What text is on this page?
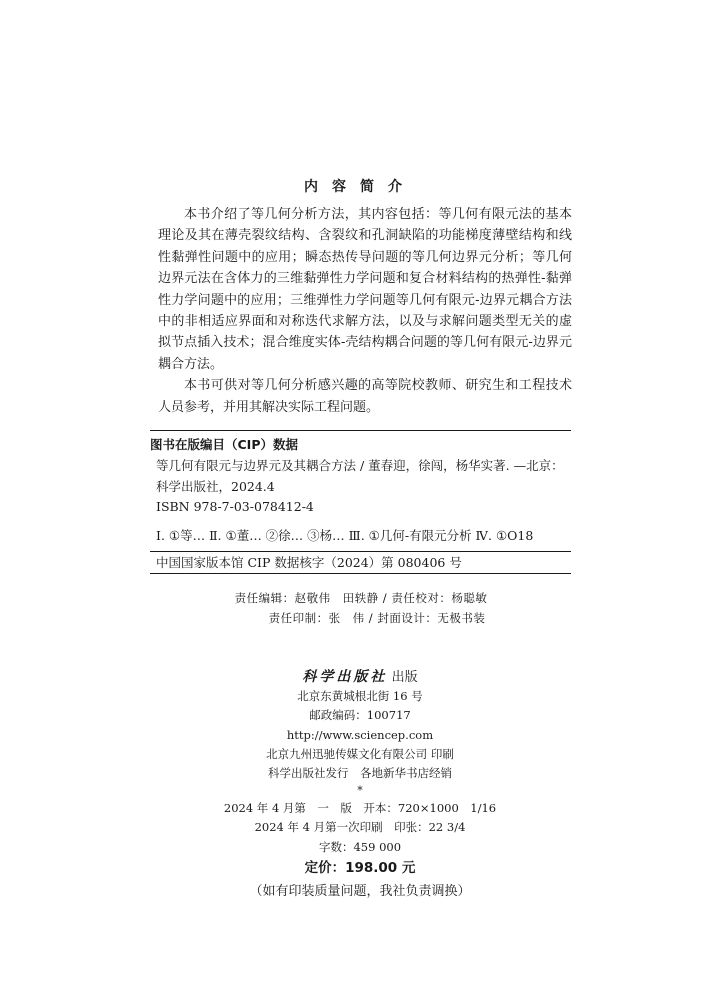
内容简介

本书介绍了等几何分析方法，其内容包括：等几何有限元法的基本理论及其在薄壳裂纹结构、含裂纹和孔洞缺陷的功能梯度薄壁结构和线性黏弹性问题中的应用；瞬态热传导问题的等几何边界元分析；等几何边界元法在含体力的三维黏弹性力学问题和复合材料结构的热弹性-黏弹性力学问题中的应用；三维弹性力学问题等几何有限元-边界元耦合方法中的非相适应界面和对称迭代求解方法，以及与求解问题类型无关的虚拟节点插入技术；混合维度实体-壳结构耦合问题的等几何有限元-边界元耦合方法。

本书可供对等几何分析感兴趣的高等院校教师、研究生和工程技术人员参考，并用其解决实际工程问题。

图书在版编目（CIP）数据

等几何有限元与边界元及其耦合方法 / 董春迎，徐闯，杨华实著. —北京：科学出版社，2024.4

ISBN 978-7-03-078412-4

Ⅰ. ①等… Ⅱ. ①董… ②徐… ③杨… Ⅲ. ①几何-有限元分析 Ⅳ. ①O18

中国国家版本馆 CIP 数据核字（2024）第 080406 号
责任编辑：赵敬伟　田轶静 / 责任校对：杨聪敏
责任印制：张　伟 / 封面设计：无极书装
科学出版社 出版
北京东黄城根北街 16 号
邮政编码：100717
http://www.sciencep.com
北京九州迅驰传媒文化有限公司 印刷
科学出版社发行　各地新华书店经销
*
2024 年 4 月第　一　版　开本：720×1000　1/16
2024 年 4 月第一次印刷　印张：22 3/4
字数：459 000
定价：198.00 元
（如有印装质量问题，我社负责调换）
